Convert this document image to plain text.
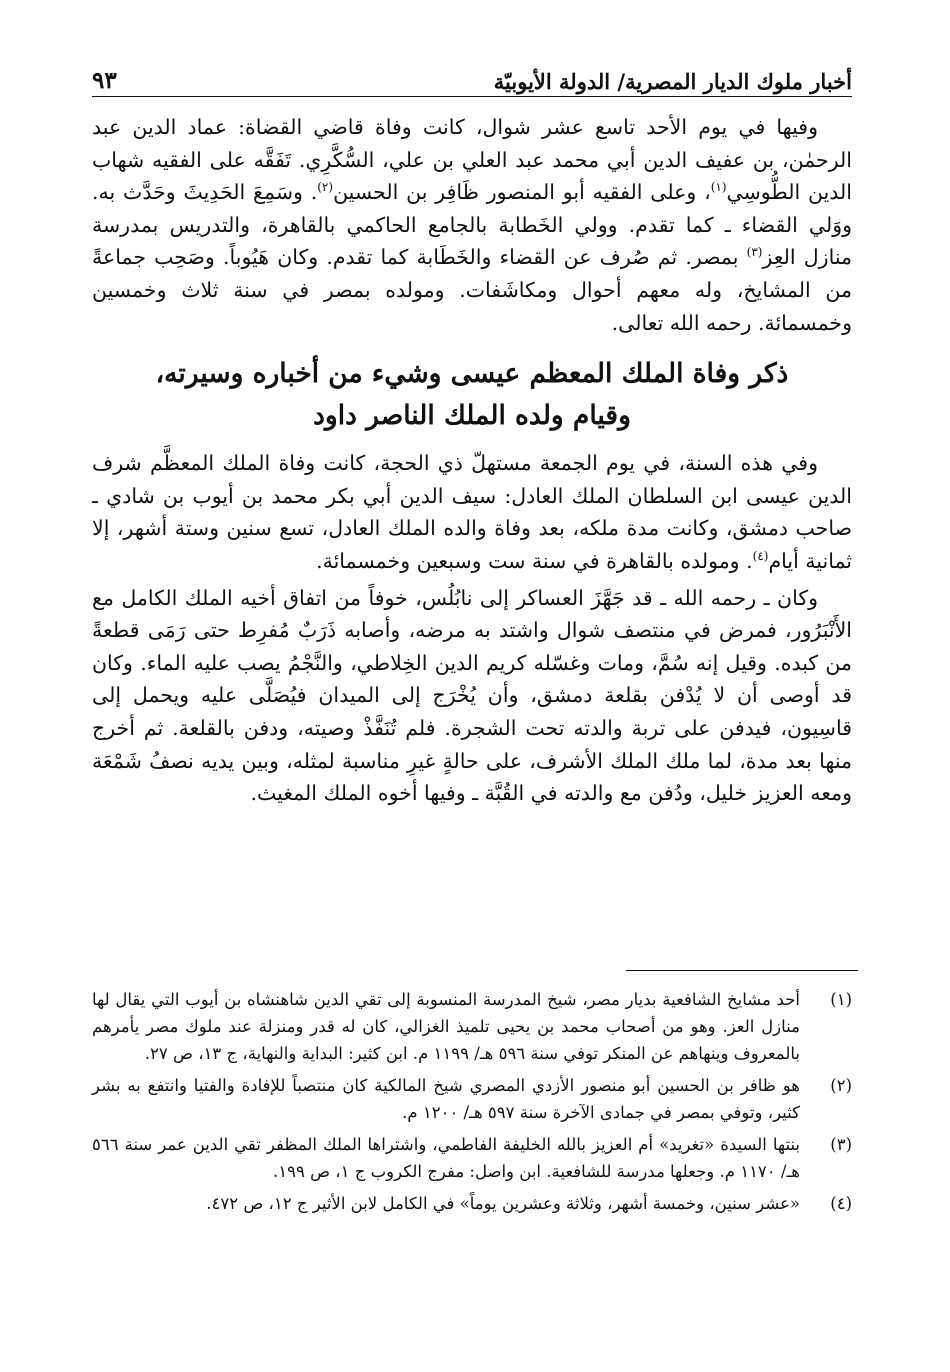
أخبار ملوك الديار المصرية/ الدولة الأيوبيّة
٩٣

وفيها في يوم الأحد تاسع عشر شوال، كانت وفاة قاضي القضاة: عماد الدين عبد الرحمٰن، بن عفيف الدين أبي محمد عبد العلي بن علي، السُّكَّرِي. تَفَقَّه على الفقيه شهاب الدين الطُّوسِي$^{(١)}$، وعلى الفقيه أبو المنصور ظَافِر بن الحسين$^{(٢)}$. وسَمِعَ الحَدِيثَ وحَدَّث به. ووَلي القضاء ـ كما تقدم. وولي الخَطابة بالجامع الحاكمي بالقاهرة، والتدريس بمدرسة منازل العِز$^{(٣)}$ بمصر. ثم صُرف عن القضاء والخَطَابة كما تقدم. وكان هَيُوباً. وصَحِب جماعةً من المشايخ، وله معهم أحوال ومكاشَفات. ومولده بمصر في سنة ثلاث وخمسين وخمسمائة. رحمه الله تعالى.

ذكر وفاة الملك المعظم عيسى وشيء من أخباره وسيرته،
وقيام ولده الملك الناصر داود

وفي هذه السنة، في يوم الجمعة مستهلّ ذي الحجة، كانت وفاة الملك المعظَّم شرف الدين عيسى ابن السلطان الملك العادل: سيف الدين أبي بكر محمد بن أيوب بن شادي ـ صاحب دمشق، وكانت مدة ملكه، بعد وفاة والده الملك العادل، تسع سنين وستة أشهر، إلا ثمانية أيام$^{(٤)}$. ومولده بالقاهرة في سنة ست وسبعين وخمسمائة.

وكان ـ رحمه الله ـ قد جَهَّزَ العساكر إلى نابُلُس، خوفاً من اتفاق أخيه الملك الكامل مع الأَنْبَرُور، فمرض في منتصف شوال واشتد به مرضه، وأصابه ذَرَبٌ مُفرِط حتى رَمَى قطعةً من كبده. وقيل إنه سُمَّ، ومات وغسّله كريم الدين الخِلاطي، والنَّجْمُ يصب عليه الماء. وكان قد أوصى أن لا يُدْفن بقلعة دمشق، وأن يُخْرَج إلى الميدان فيُصَلَّى عليه ويحمل إلى قاسِيون، فيدفن على تربة والدته تحت الشجرة. فلم تُنَفَّذْ وصيته، ودفن بالقلعة. ثم أخرج منها بعد مدة، لما ملك الملك الأشرف، على حالةٍ غيرِ مناسبة لمثله، وبين يديه نصفُ شَمْعَة ومعه العزيز خليل، ودُفن مع والدته في القُبَّة ـ وفيها أخوه الملك المغيث.

(١)
أحد مشايخ الشافعية بديار مصر، شيخ المدرسة المنسوبة إلى تقي الدين شاهنشاه بن أيوب التي يقال لها منازل العز. وهو من أصحاب محمد بن يحيى تلميذ الغزالي، كان له قدر ومنزلة عند ملوك مصر يأمرهم بالمعروف وينهاهم عن المنكر توفي سنة ٥٩٦ هـ/ ١١٩٩ م. ابن كثير: البداية والنهاية، ج ١٣، ص ٢٧.
(٢)
هو ظافر بن الحسين أبو منصور الأزدي المصري شيخ المالكية كان منتصباً للإفادة والفتيا وانتفع به بشر كثير، وتوفي بمصر في جمادى الآخرة سنة ٥٩٧ هـ/ ١٢٠٠ م.
(٣)
بنتها السيدة «تغريد» أم العزيز بالله الخليفة الفاطمي، واشتراها الملك المظفر تقي الدين عمر سنة ٥٦٦ هـ/ ١١٧٠ م. وجعلها مدرسة للشافعية. ابن واصل: مفرج الكروب ج ١، ص ١٩٩.
(٤)
«عشر سنين، وخمسة أشهر، وثلاثة وعشرين يوماً» في الكامل لابن الأثير ج ١٢، ص ٤٧٢.
